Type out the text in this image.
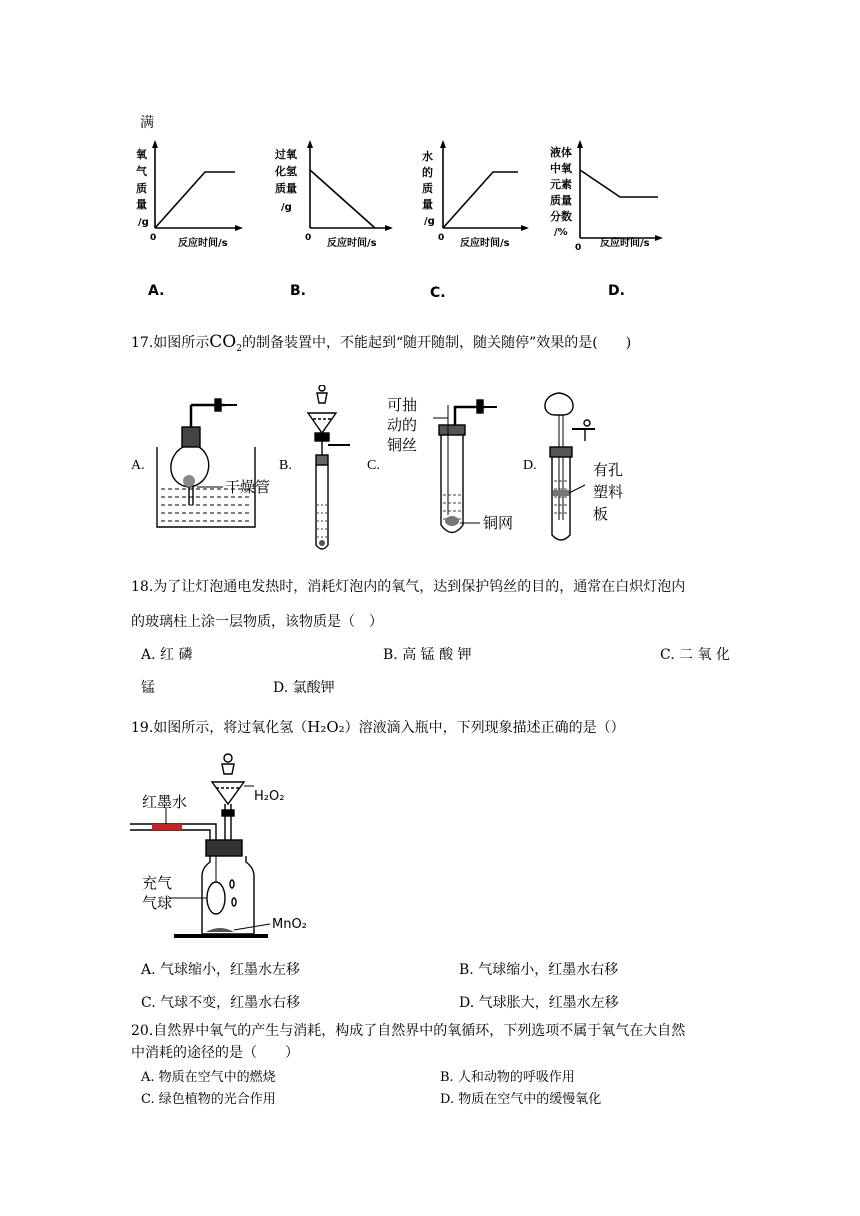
满
氧
气
质
量
/g
0 反应时间/s
A.
过氧
化氢
质量
/g
0 反应时间/s
B.
水
的
质
量
/g
0 反应时间/s
C.
液体
中氧
元素
质量
分数
/%
0 反应时间/s
D.
17.如图所示$CO_2$的制备装置中，不能起到“随开随制，随关随停”效果的是(　　)
A.	B.	C.	D.
干燥管
可抽
动的
铜丝
铜网
有孔
塑料
板
18.为了让灯泡通电发热时，消耗灯泡内的氧气，达到保护钨丝的目的，通常在白炽灯泡内
的玻璃柱上涂一层物质，该物质是（　）
A. 红 磷	B. 高 锰 酸 钾	C. 二 氧 化
锰	D. 氯酸钾
19.如图所示，将过氧化氢（H₂O₂）溶液滴入瓶中，下列现象描述正确的是（）
红墨水	H₂O₂
充气
气球
MnO₂
A. 气球缩小，红墨水左移	B. 气球缩小，红墨水右移
C. 气球不变，红墨水右移	D. 气球胀大，红墨水左移
20.自然界中氧气的产生与消耗，构成了自然界中的氧循环，下列选项不属于氧气在大自然
中消耗的途径的是（　　）
A. 物质在空气中的燃烧	B. 人和动物的呼吸作用
C. 绿色植物的光合作用	D. 物质在空气中的缓慢氧化
